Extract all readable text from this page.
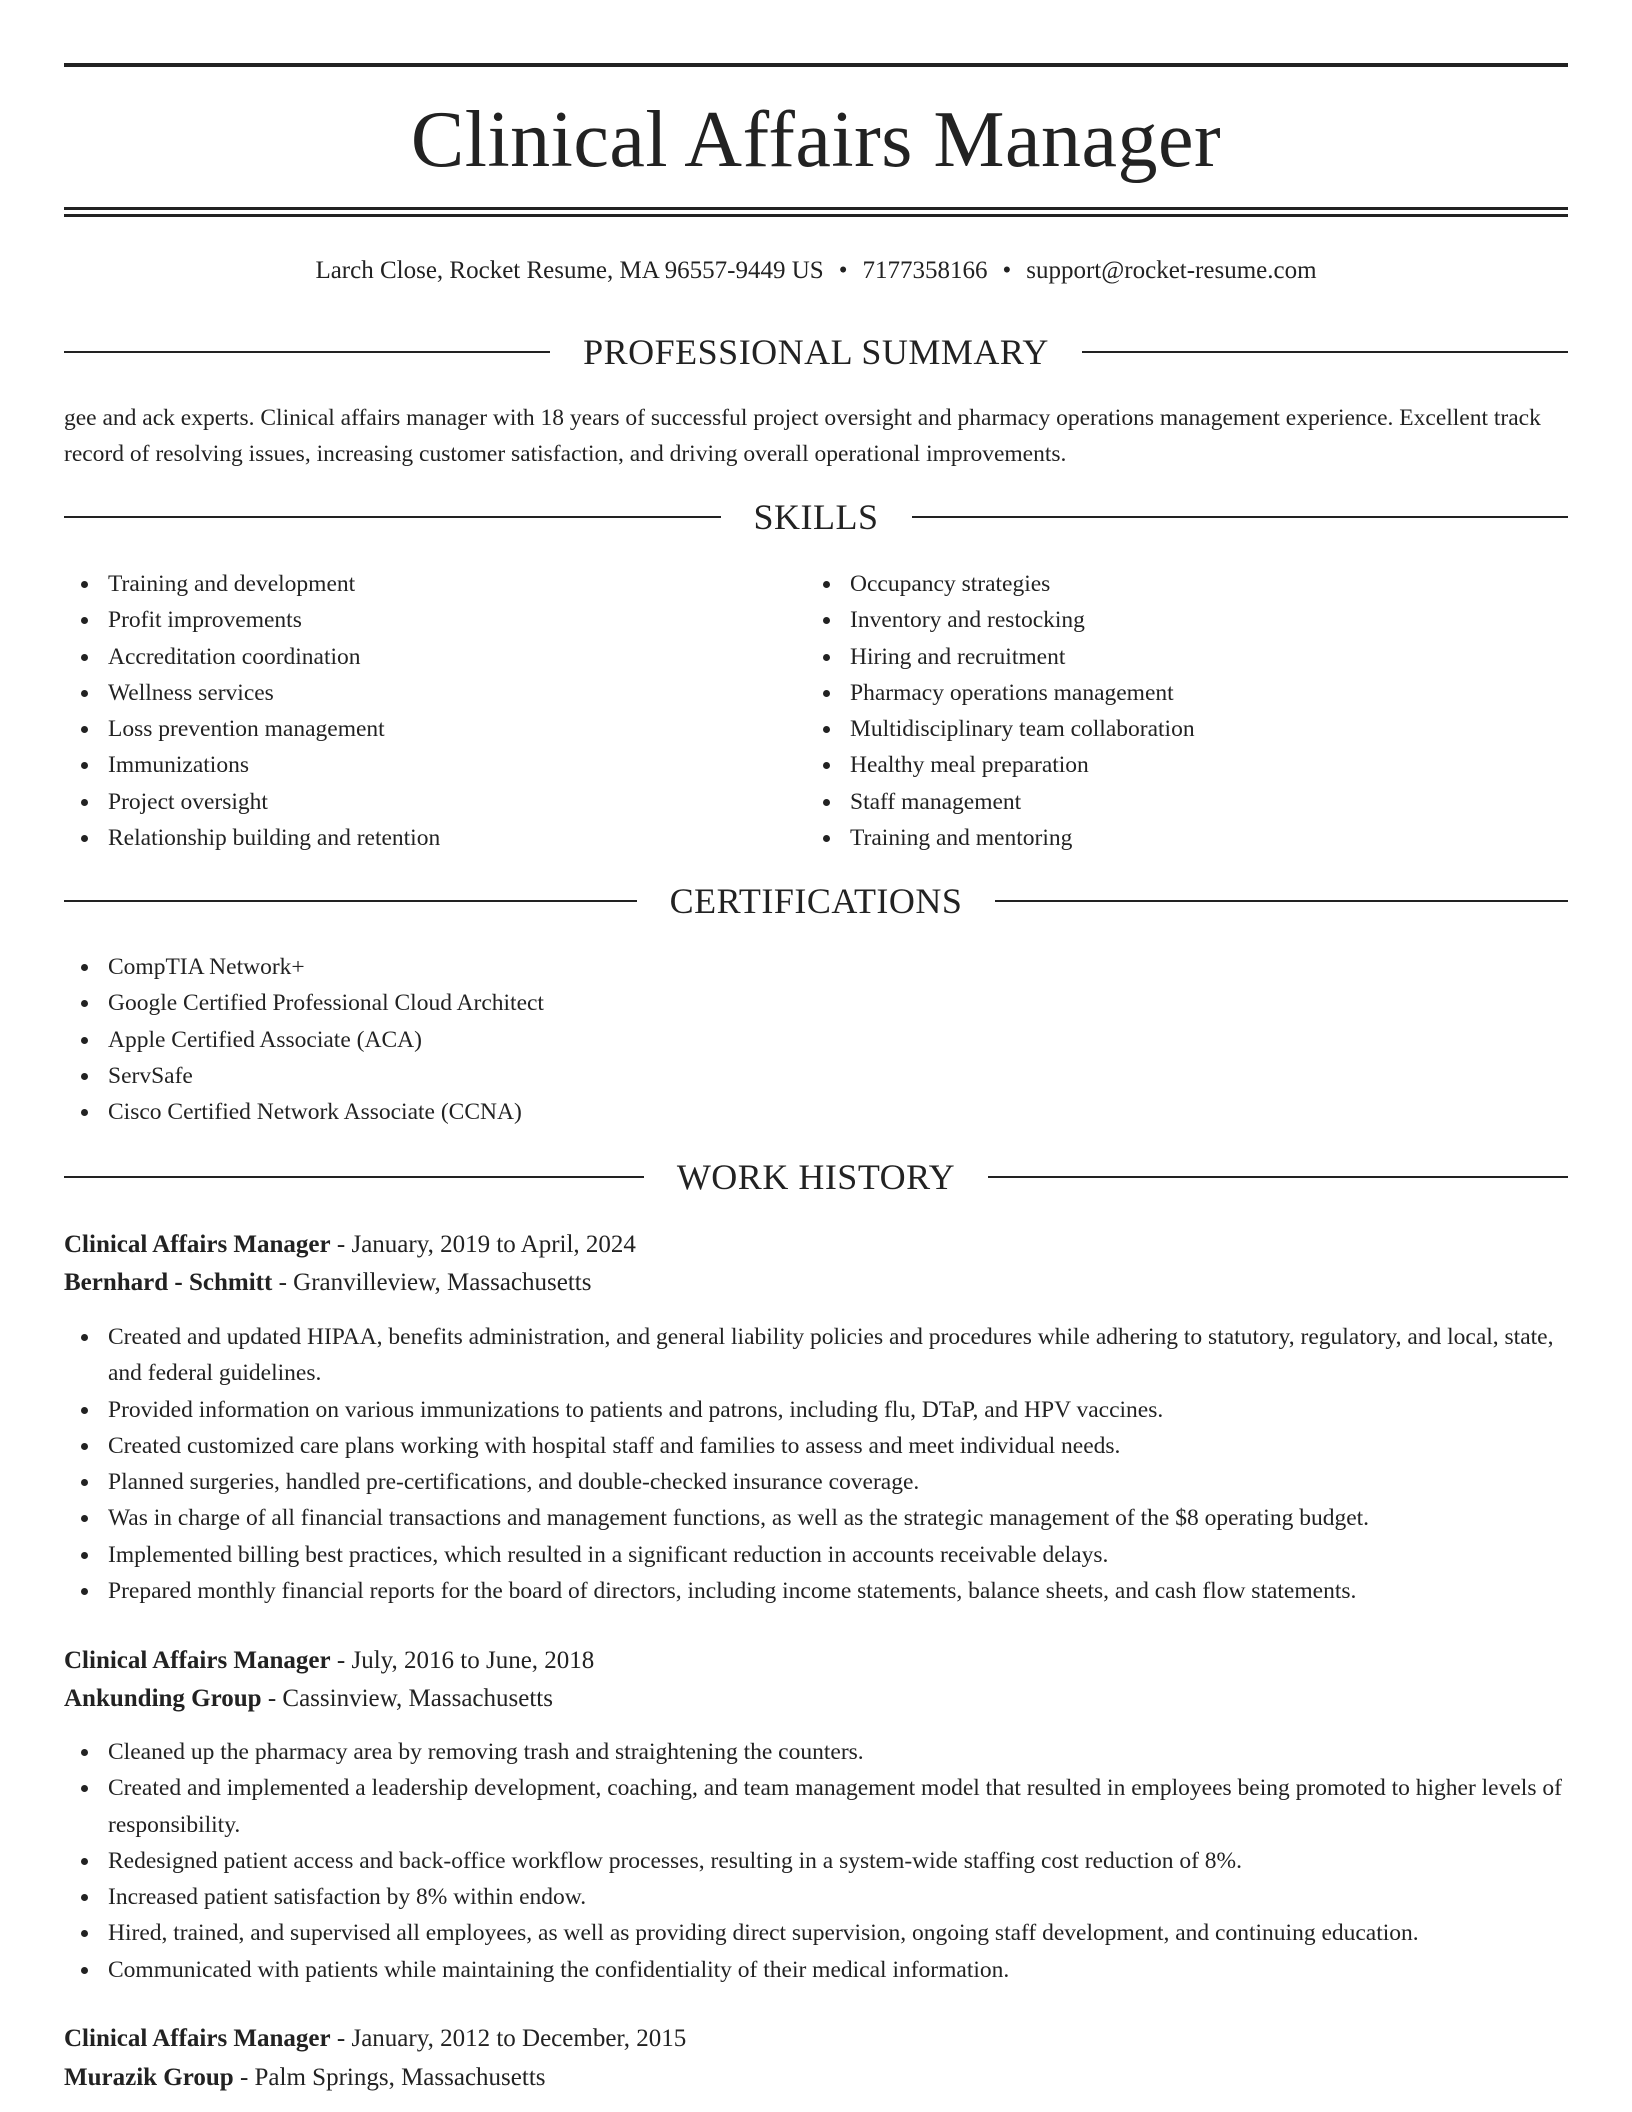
Clinical Affairs Manager
Larch Close, Rocket Resume, MA 96557-9449 US • 7177358166 • support@rocket-resume.com
PROFESSIONAL SUMMARY

gee and ack experts. Clinical affairs manager with 18 years of successful project oversight and pharmacy operations management experience. Excellent track record of resolving issues, increasing customer satisfaction, and driving overall operational improvements.

SKILLS
Training and development
Profit improvements
Accreditation coordination
Wellness services
Loss prevention management
Immunizations
Project oversight
Relationship building and retention
Occupancy strategies
Inventory and restocking
Hiring and recruitment
Pharmacy operations management
Multidisciplinary team collaboration
Healthy meal preparation
Staff management
Training and mentoring
CERTIFICATIONS
CompTIA Network+
Google Certified Professional Cloud Architect
Apple Certified Associate (ACA)
ServSafe
Cisco Certified Network Associate (CCNA)
WORK HISTORY
Clinical Affairs Manager - January, 2019 to April, 2024
Bernhard - Schmitt - Granvilleview, Massachusetts
Created and updated HIPAA, benefits administration, and general liability policies and procedures while adhering to statutory, regulatory, and local, state, and federal guidelines.
Provided information on various immunizations to patients and patrons, including flu, DTaP, and HPV vaccines.
Created customized care plans working with hospital staff and families to assess and meet individual needs.
Planned surgeries, handled pre-certifications, and double-checked insurance coverage.
Was in charge of all financial transactions and management functions, as well as the strategic management of the $8 operating budget.
Implemented billing best practices, which resulted in a significant reduction in accounts receivable delays.
Prepared monthly financial reports for the board of directors, including income statements, balance sheets, and cash flow statements.
Clinical Affairs Manager - July, 2016 to June, 2018
Ankunding Group - Cassinview, Massachusetts
Cleaned up the pharmacy area by removing trash and straightening the counters.
Created and implemented a leadership development, coaching, and team management model that resulted in employees being promoted to higher levels of responsibility.
Redesigned patient access and back-office workflow processes, resulting in a system-wide staffing cost reduction of 8%.
Increased patient satisfaction by 8% within endow.
Hired, trained, and supervised all employees, as well as providing direct supervision, ongoing staff development, and continuing education.
Communicated with patients while maintaining the confidentiality of their medical information.
Clinical Affairs Manager - January, 2012 to December, 2015
Murazik Group - Palm Springs, Massachusetts
